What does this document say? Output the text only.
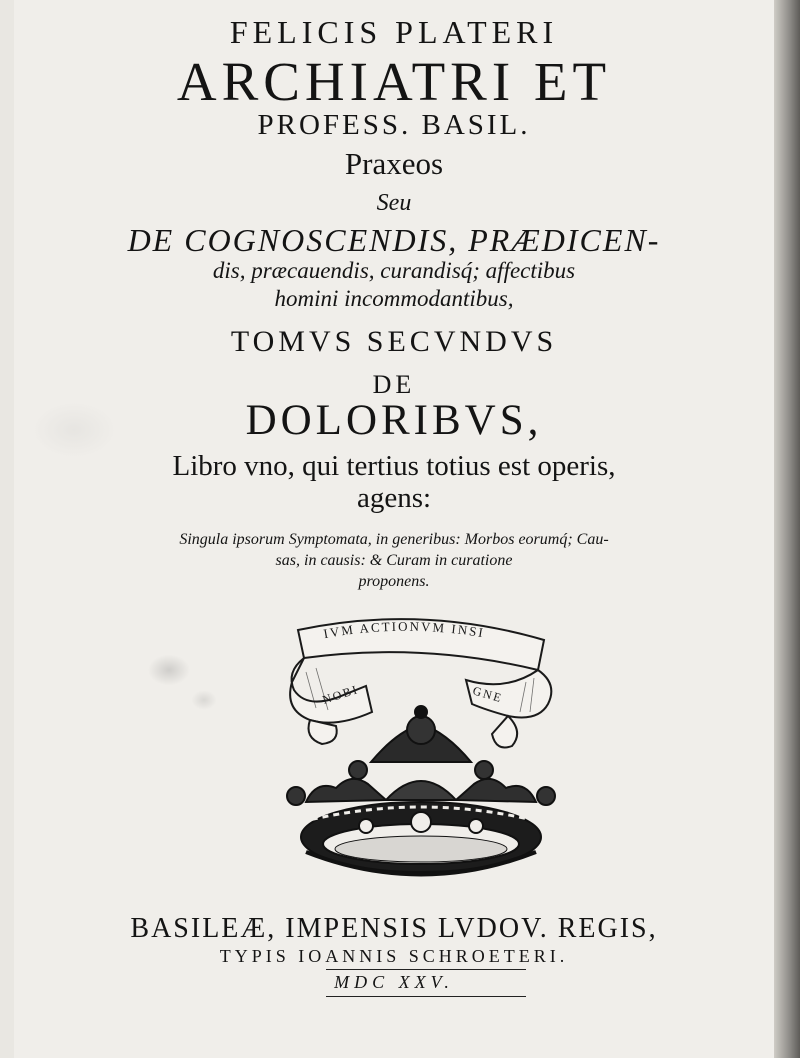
FELICIS PLATERI
ARCHIATRI ET
PROFESS. BASIL.
Praxeos
Seu
DE COGNOSCENDIS, PRÆDICEN-
dis, præcauendis, curandisq́; affectibus
homini incommodantibus,
TOMVS SECVNDVS
DE
DOLORIBVS,
Libro vno, qui tertius totius est operis,
agens:
Singula ipsorum Symptomata, in generibus: Morbos eorumq́; Cau-
sas, in causis: & Curam in curatione
proponens.
IVM ACTIONVM INSI
NOBI	GNE
BASILEÆ, IMPENSIS LVDOV. REGIS,
TYPIS IOANNIS SCHROETERI.
MDC XXV.
